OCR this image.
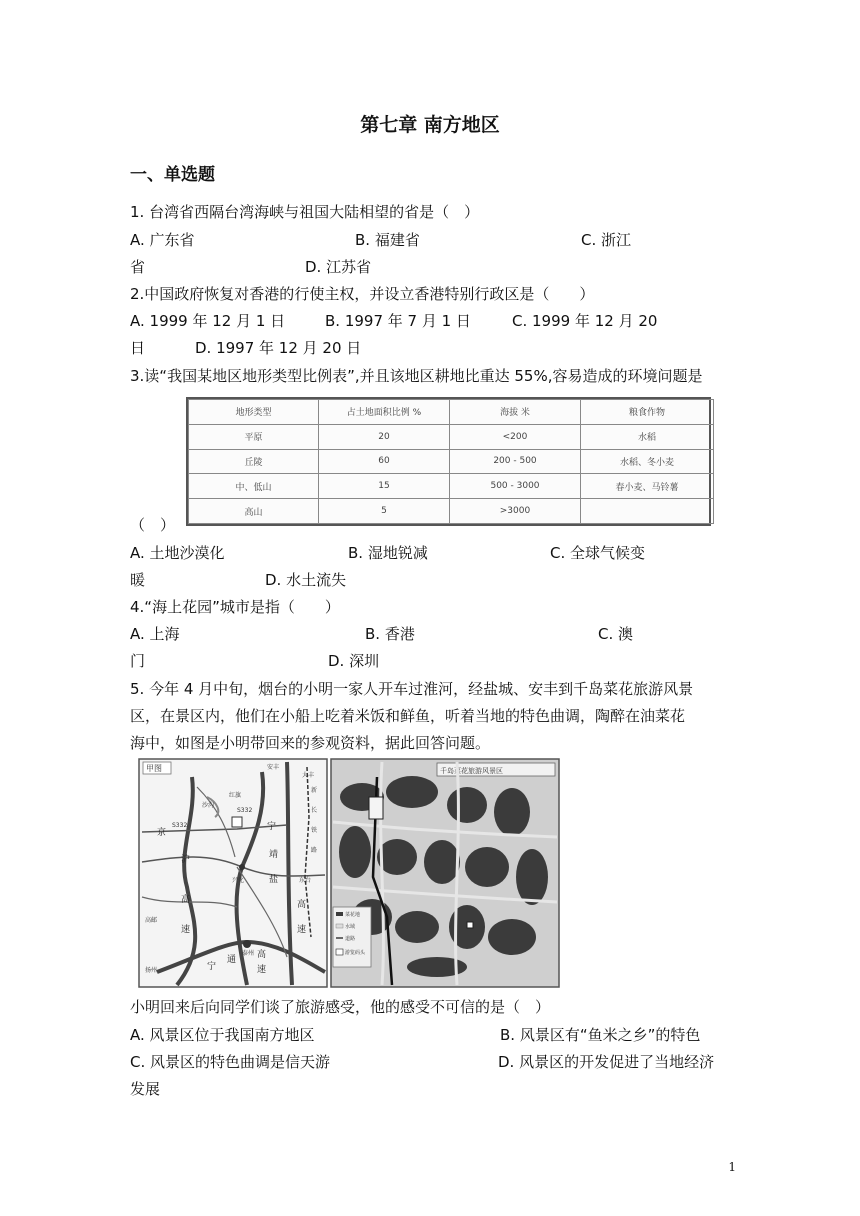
第七章 南方地区
一、单选题
1. 台湾省西隔台湾海峡与祖国大陆相望的省是（　）
A. 广东省	B. 福建省	C. 浙江
省	D. 江苏省
2.中国政府恢复对香港的行使主权，并设立香港特别行政区是（　　）
A. 1999 年 12 月 1 日	B. 1997 年 7 月 1 日	C. 1999 年 12 月 20
日	D. 1997 年 12 月 20 日
3.读“我国某地区地形类型比例表”,并且该地区耕地比重达 55%,容易造成的环境问题是
地形类型	占土地面积比例 %	海拔 米	粮食作物
平原	20	<200	水稻
丘陵	60	200 - 500	水稻、冬小麦
中、低山	15	500 - 3000	春小麦、马铃薯
高山	5	>3000	
（　）
A. 土地沙漠化	B. 湿地锐减	C. 全球气候变
暖	D. 水土流失
4.“海上花园”城市是指（　　）
A. 上海	B. 香港	C. 澳
门	D. 深圳
5. 今年 4 月中旬，烟台的小明一家人开车过淮河，经盐城、安丰到千岛菜花旅游风景
区，在景区内，他们在小船上吃着米饭和鲜鱼，听着当地的特色曲调，陶醉在油菜花
海中，如图是小明带回来的参观资料，据此回答问题。
甲图
京
沪
高
速
宁
靖
盐
高
速
宁
通 高
速
S332
S332
新
长
铁
路
东台
兴化
泰州
扬州
高邮
沙沟
红旗
大丰
安丰	千岛菜花旅游风景区
菜花地
水域
道路
游览码头
小明回来后向同学们谈了旅游感受，他的感受不可信的是（　）
A. 风景区位于我国南方地区	B. 风景区有“鱼米之乡”的特色
C. 风景区的特色曲调是信天游	D. 风景区的开发促进了当地经济
发展
1
